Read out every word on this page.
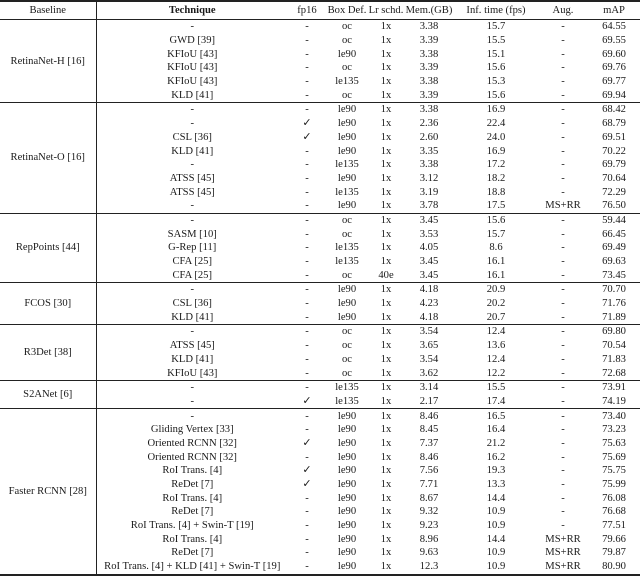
Baseline	Technique	fp16	Box Def.	Lr schd.	Mem.(GB)	Inf. time (fps)	Aug.	mAP
RetinaNet-H [16]	-	-	oc	1x	3.38	15.7	-	64.55
	GWD [39]	-	oc	1x	3.39	15.5	-	69.55
	KFIoU [43]	-	le90	1x	3.38	15.1	-	69.60
	KFIoU [43]	-	oc	1x	3.39	15.6	-	69.76
	KFIoU [43]	-	le135	1x	3.38	15.3	-	69.77
	KLD [41]	-	oc	1x	3.39	15.6	-	69.94
RetinaNet-O [16]	-	-	le90	1x	3.38	16.9	-	68.42
	-	✓	le90	1x	2.36	22.4	-	68.79
	CSL [36]	✓	le90	1x	2.60	24.0	-	69.51
	KLD [41]	-	le90	1x	3.35	16.9	-	70.22
	-	-	le135	1x	3.38	17.2	-	69.79
	ATSS [45]	-	le90	1x	3.12	18.2	-	70.64
	ATSS [45]	-	le135	1x	3.19	18.8	-	72.29
	-	-	le90	1x	3.78	17.5	MS+RR	76.50
RepPoints [44]	-	-	oc	1x	3.45	15.6	-	59.44
	SASM [10]	-	oc	1x	3.53	15.7	-	66.45
	G-Rep [11]	-	le135	1x	4.05	8.6	-	69.49
	CFA [25]	-	le135	1x	3.45	16.1	-	69.63
	CFA [25]	-	oc	40e	3.45	16.1	-	73.45
FCOS [30]	-	-	le90	1x	4.18	20.9	-	70.70
	CSL [36]	-	le90	1x	4.23	20.2	-	71.76
	KLD [41]	-	le90	1x	4.18	20.7	-	71.89
R3Det [38]	-	-	oc	1x	3.54	12.4	-	69.80
	ATSS [45]	-	oc	1x	3.65	13.6	-	70.54
	KLD [41]	-	oc	1x	3.54	12.4	-	71.83
	KFIoU [43]	-	oc	1x	3.62	12.2	-	72.68
S2ANet [6]	-	-	le135	1x	3.14	15.5	-	73.91
	-	✓	le135	1x	2.17	17.4	-	74.19
Faster RCNN [28]	-	-	le90	1x	8.46	16.5	-	73.40
	Gliding Vertex [33]	-	le90	1x	8.45	16.4	-	73.23
	Oriented RCNN [32]	✓	le90	1x	7.37	21.2	-	75.63
	Oriented RCNN [32]	-	le90	1x	8.46	16.2	-	75.69
	RoI Trans. [4]	✓	le90	1x	7.56	19.3	-	75.75
	ReDet [7]	✓	le90	1x	7.71	13.3	-	75.99
	RoI Trans. [4]	-	le90	1x	8.67	14.4	-	76.08
	ReDet [7]	-	le90	1x	9.32	10.9	-	76.68
	RoI Trans. [4] + Swin-T [19]	-	le90	1x	9.23	10.9	-	77.51
	RoI Trans. [4]	-	le90	1x	8.96	14.4	MS+RR	79.66
	ReDet [7]	-	le90	1x	9.63	10.9	MS+RR	79.87
	RoI Trans. [4] + KLD [41] + Swin-T [19]	-	le90	1x	12.3	10.9	MS+RR	80.90
